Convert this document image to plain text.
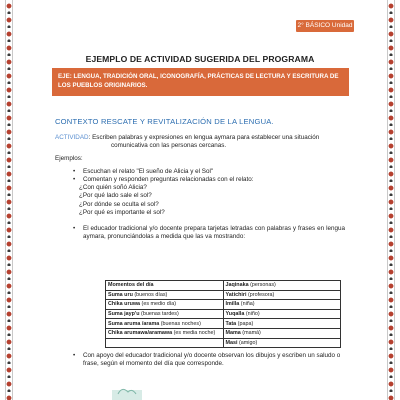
2° BÁSICO Unidad 3
EJEMPLO DE ACTIVIDAD SUGERIDA DEL PROGRAMA
EJE: LENGUA, TRADICIÓN ORAL, ICONOGRAFÍA, PRÁCTICAS DE LECTURA Y ESCRITURA DE LOS PUEBLOS ORIGINARIOS.
CONTEXTO RESCATE Y REVITALIZACIÓN DE LA LENGUA.
ACTIVIDAD: Escriben palabras y expresiones en lengua aymara para establecer una situación
comunicativa con las personas cercanas.
Ejemplos:
• Escuchan el relato "El sueño de Alicia y el Sol"
• Comentan y responden preguntas relacionadas con el relato:
¿Con quién soñó Alicia?
¿Por qué lado sale el sol?
¿Por dónde se oculta el sol?
¿Por qué es importante el sol?
• El educador tradicional y/o docente prepara tarjetas letradas con palabras y frases en lengua aymara, pronunciándolas a medida que las va mostrando:
Momentos del día	Jaqinaka (personas)
Suma uru (buenos días)	Yatichiri (profesora)
Chika uruwa (es medio día)	Imilla (niña)
Suma jayp'u (buenas tardes)	Yuqalla (niño)
Suma aruma /arama (buenas noches)	Tata (papa)
Chika arumawa/aramawa (es media noche)	Mama (mamá)
	Masi (amigo)
• Con apoyo del educador tradicional y/o docente observan los dibujos y escriben un saludo o frase, según el momento del día que corresponde.
